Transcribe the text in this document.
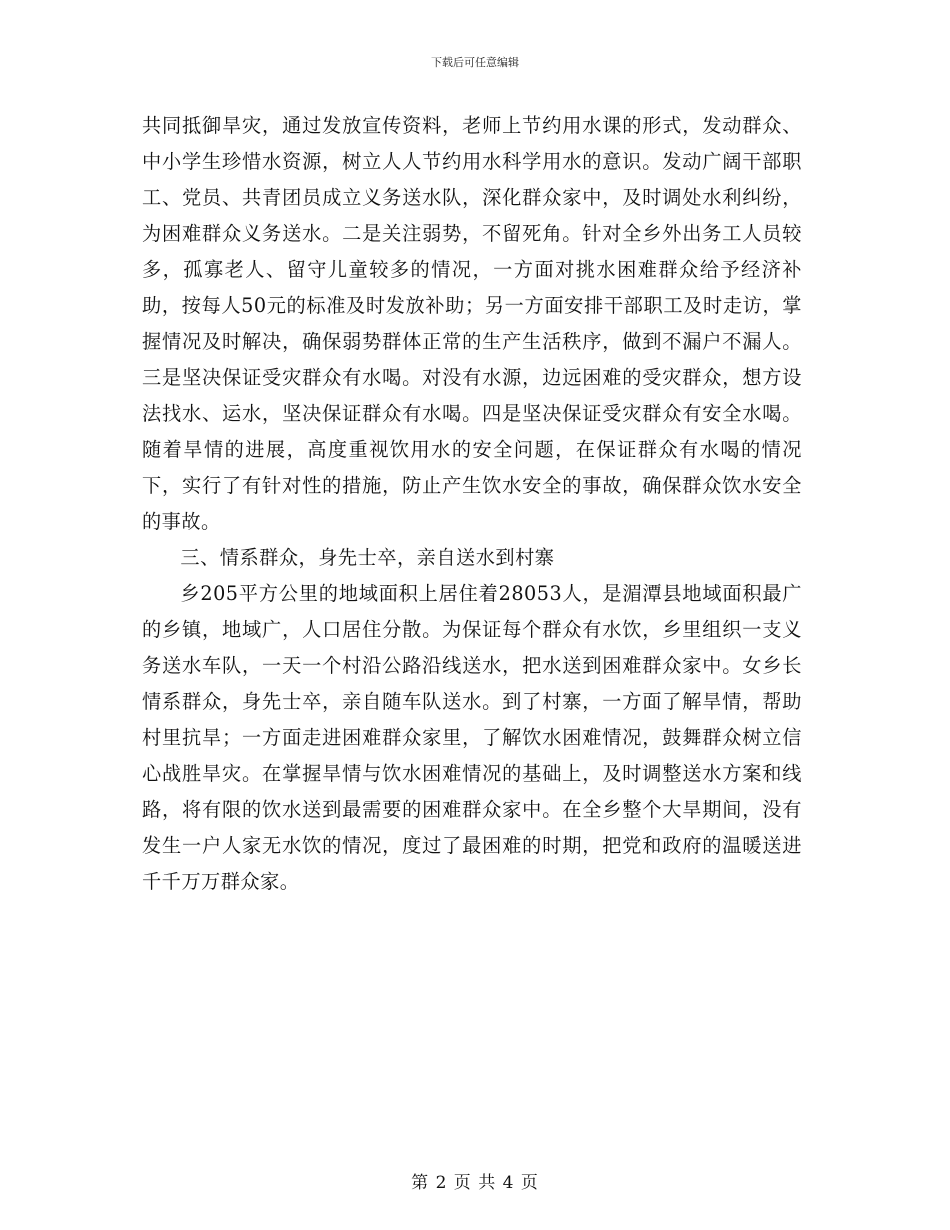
下载后可任意编辑

共同抵御旱灾，通过发放宣传资料，老师上节约用水课的形式，发动群众、中小学生珍惜水资源，树立人人节约用水科学用水的意识。发动广阔干部职工、党员、共青团员成立义务送水队，深化群众家中，及时调处水利纠纷，为困难群众义务送水。二是关注弱势，不留死角。针对全乡外出务工人员较多，孤寡老人、留守儿童较多的情况，一方面对挑水困难群众给予经济补助，按每人50元的标准及时发放补助；另一方面安排干部职工及时走访，掌握情况及时解决，确保弱势群体正常的生产生活秩序，做到不漏户不漏人。三是坚决保证受灾群众有水喝。对没有水源，边远困难的受灾群众，想方设法找水、运水，坚决保证群众有水喝。四是坚决保证受灾群众有安全水喝。随着旱情的进展，高度重视饮用水的安全问题，在保证群众有水喝的情况下，实行了有针对性的措施，防止产生饮水安全的事故，确保群众饮水安全的事故。

三、情系群众，身先士卒，亲自送水到村寨

乡205平方公里的地域面积上居住着28053人，是湄潭县地域面积最广的乡镇，地域广，人口居住分散。为保证每个群众有水饮，乡里组织一支义务送水车队，一天一个村沿公路沿线送水，把水送到困难群众家中。女乡长情系群众，身先士卒，亲自随车队送水。到了村寨，一方面了解旱情，帮助村里抗旱；一方面走进困难群众家里，了解饮水困难情况，鼓舞群众树立信心战胜旱灾。在掌握旱情与饮水困难情况的基础上，及时调整送水方案和线路，将有限的饮水送到最需要的困难群众家中。在全乡整个大旱期间，没有发生一户人家无水饮的情况，度过了最困难的时期，把党和政府的温暖送进千千万万群众家。

第 2 页 共 4 页
